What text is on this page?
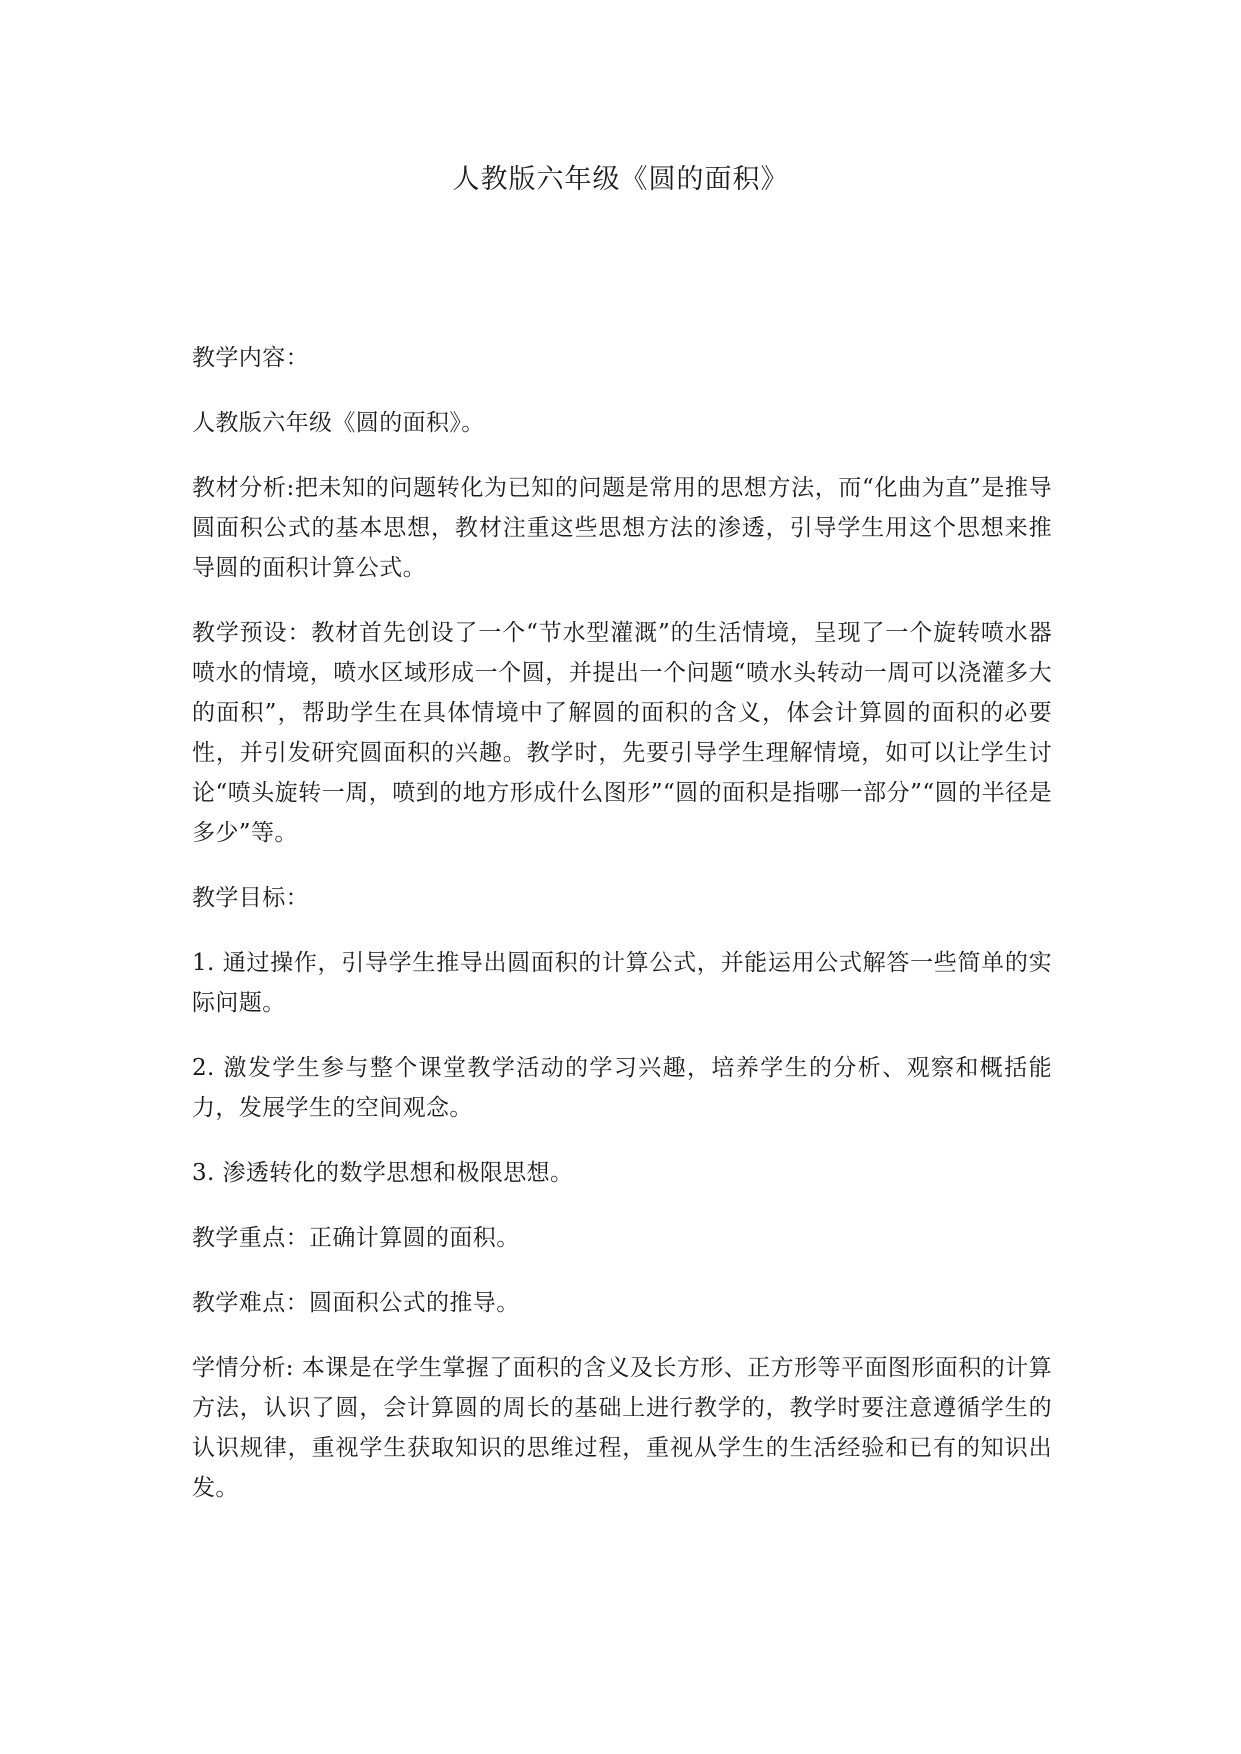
人教版六年级《圆的面积》

教学内容：

人教版六年级《圆的面积》。

教材分析:把未知的问题转化为已知的问题是常用的思想方法，而“化曲为直”是推导圆面积公式的基本思想，教材注重这些思想方法的渗透，引导学生用这个思想来推导圆的面积计算公式。

教学预设：教材首先创设了一个“节水型灌溉”的生活情境，呈现了一个旋转喷水器喷水的情境，喷水区域形成一个圆，并提出一个问题“喷水头转动一周可以浇灌多大的面积”，帮助学生在具体情境中了解圆的面积的含义，体会计算圆的面积的必要性，并引发研究圆面积的兴趣。教学时，先要引导学生理解情境，如可以让学生讨论“喷头旋转一周，喷到的地方形成什么图形”“圆的面积是指哪一部分”“圆的半径是多少”等。

教学目标：

1. 通过操作，引导学生推导出圆面积的计算公式，并能运用公式解答一些简单的实际问题。

2. 激发学生参与整个课堂教学活动的学习兴趣，培养学生的分析、观察和概括能力，发展学生的空间观念。

3. 渗透转化的数学思想和极限思想。

教学重点：正确计算圆的面积。

教学难点：圆面积公式的推导。

学情分析: 本课是在学生掌握了面积的含义及长方形、正方形等平面图形面积的计算方法，认识了圆，会计算圆的周长的基础上进行教学的，教学时要注意遵循学生的认识规律，重视学生获取知识的思维过程，重视从学生的生活经验和已有的知识出发。
